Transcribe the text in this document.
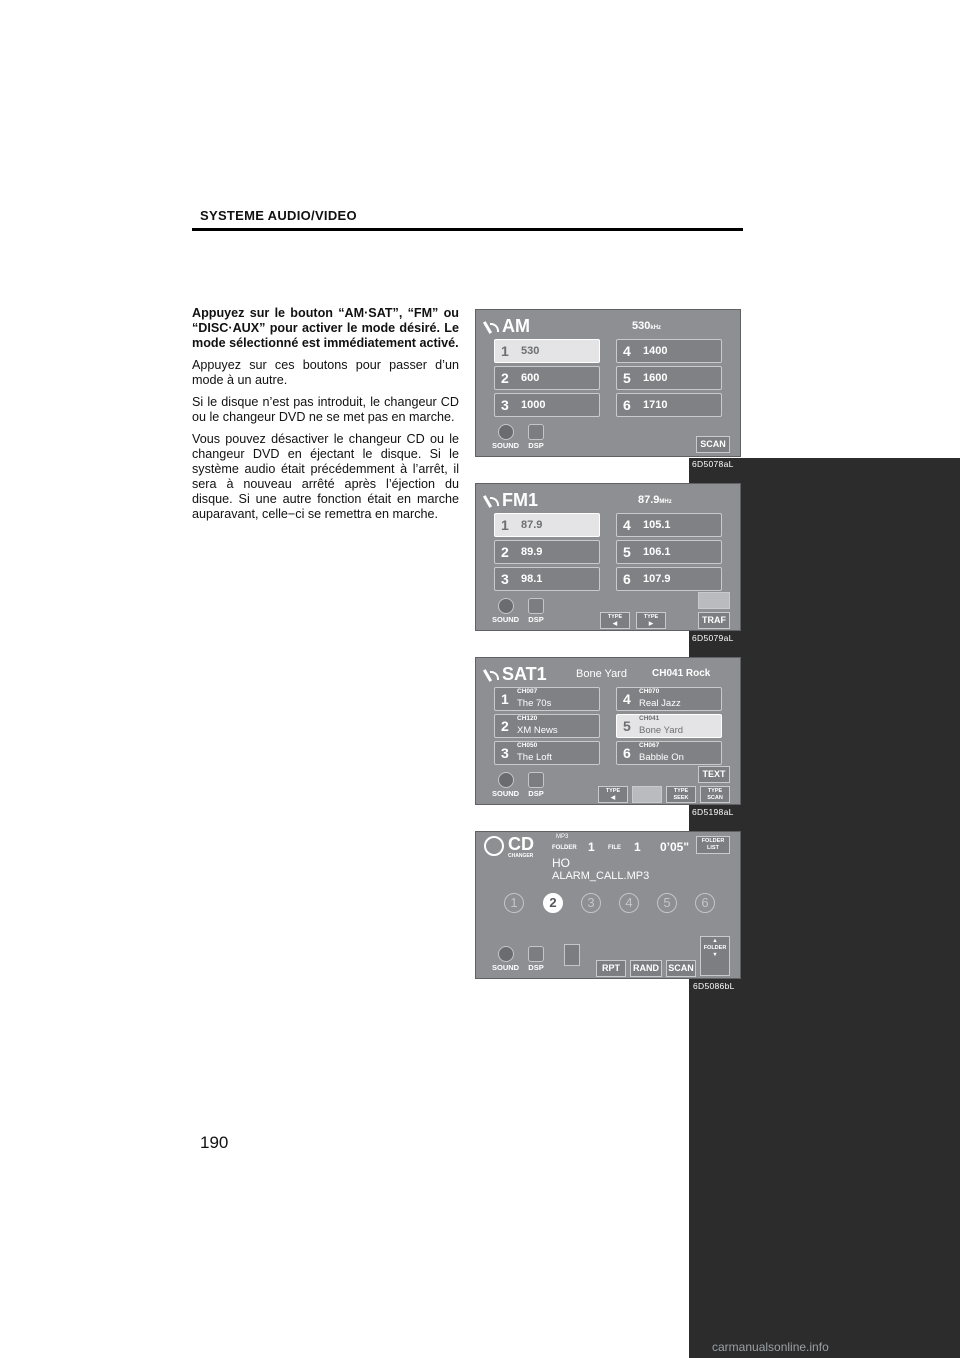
SYSTEME AUDIO/VIDEO

Appuyez sur le bouton “AM·SAT”, “FM” ou “DISC·AUX” pour activer le mode désiré. Le mode sélectionné est immédiatement activé.

Appuyez sur ces boutons pour passer d’un mode à un autre.

Si le disque n’est pas introduit, le changeur CD ou le changeur DVD ne se met pas en marche.

Vous pouvez désactiver le changeur CD ou le changeur DVD en éjectant le disque. Si le système audio était précédemment à l’arrêt, il sera à nouveau arrêté après l’éjection du disque. Si une autre fonction était en marche auparavant, celle−ci se remettra en marche.

AM	530kHz
1 530
2 600
3 1000
4 1400
5 1600
6 1710
SOUND DSP	SCAN
6D5078aL
FM1	87.9MHz
1 87.9
2 89.9
3 98.1
4 105.1
5 106.1
6 107.9
SOUND DSP	TYPE
◀
TYPE
▶	TRAF
6D5079aL
SAT1	Bone Yard	CH041 Rock
1 CH007
The 70s
2 CH120
XM News
3 CH050
The Loft
4 CH070
Real Jazz
5 CH041
Bone Yard
6 CH067
Babble On
SOUND DSP	TYPE
◀
TYPE SEEK
TEXT
TYPE SCAN
6D5198aL
CD
CHANGER
MP3
FOLDER 1 FILE 1 0’05"	FOLDER LIST
HO
ALARM_CALL.MP3
1	2	3	4	5	6
SOUND DSP	RPT	RAND	SCAN
▲
FOLDER
▼
6D5086bL
190
carmanualsonline.info
